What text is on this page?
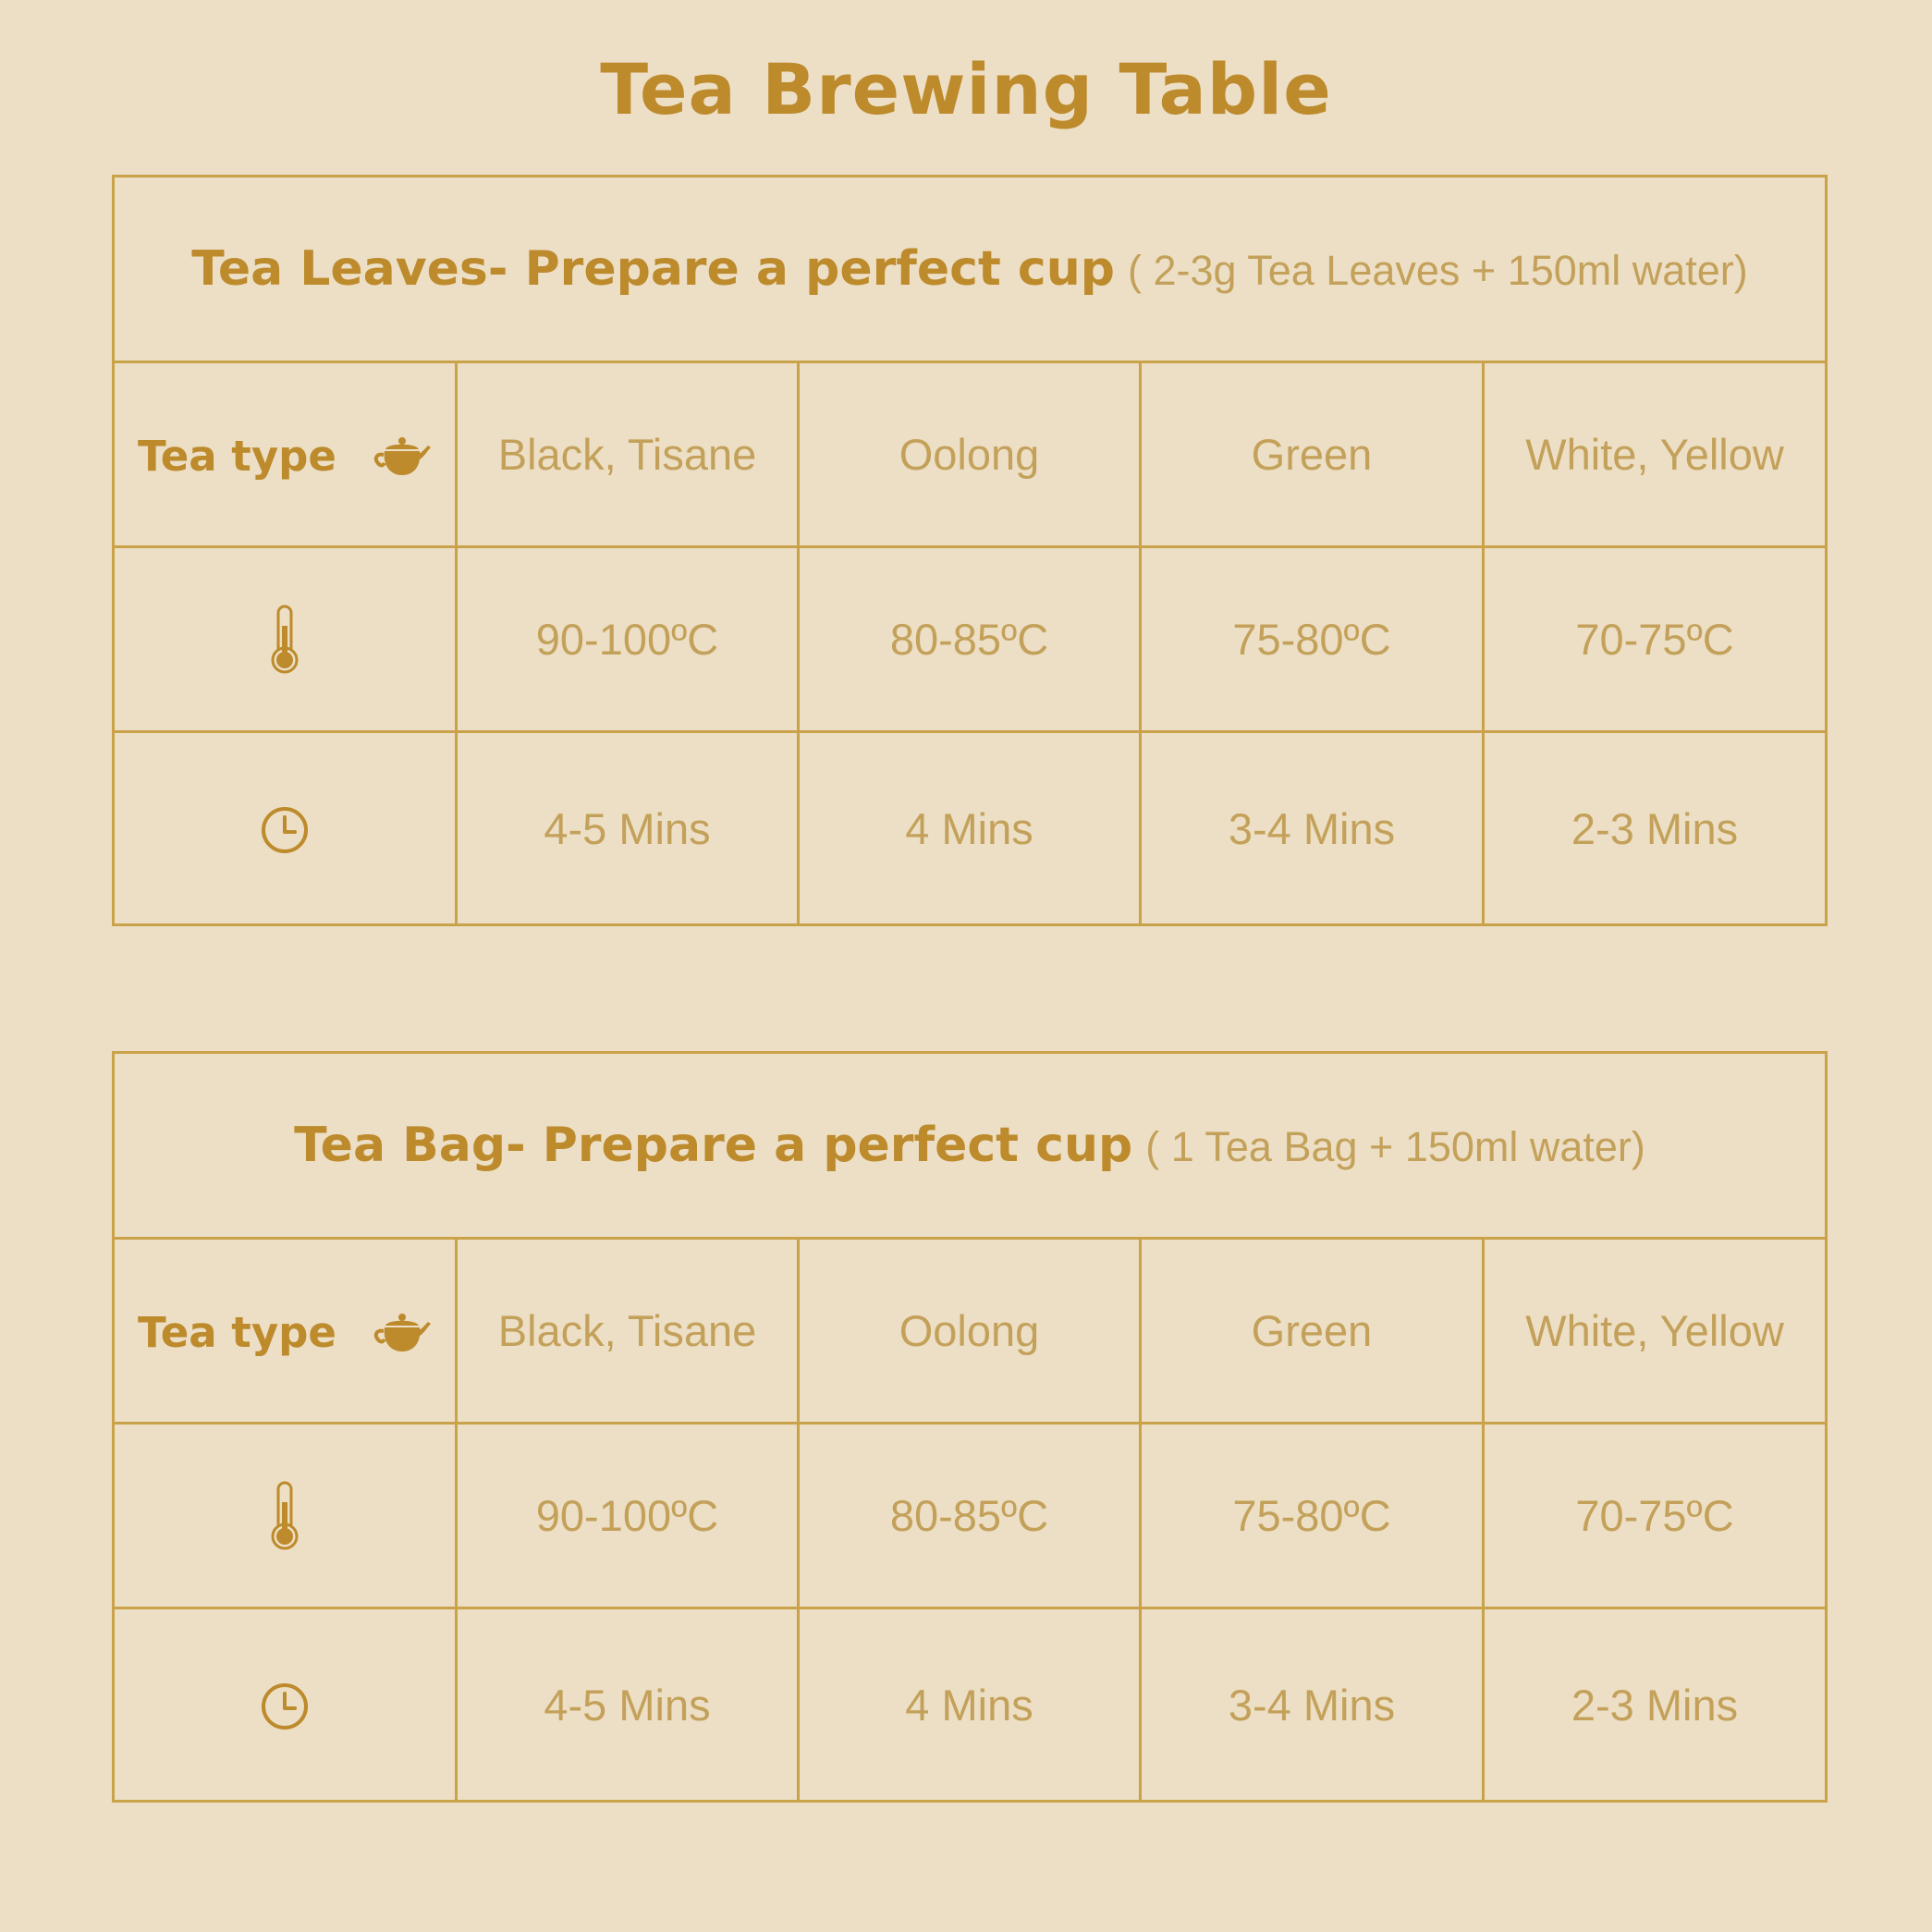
Tea Brewing Table
Tea Leaves- Prepare a perfect cup ( 2-3g Tea Leaves + 150ml water)				
Tea type	Black, Tisane	Oolong	Green	White, Yellow
	90-100ºC	80-85ºC	75-80ºC	70-75ºC
	4-5 Mins	4 Mins	3-4 Mins	2-3 Mins
Tea Bag- Prepare a perfect cup ( 1 Tea Bag + 150ml water)				
Tea type	Black, Tisane	Oolong	Green	White, Yellow
	90-100ºC	80-85ºC	75-80ºC	70-75ºC
	4-5 Mins	4 Mins	3-4 Mins	2-3 Mins
